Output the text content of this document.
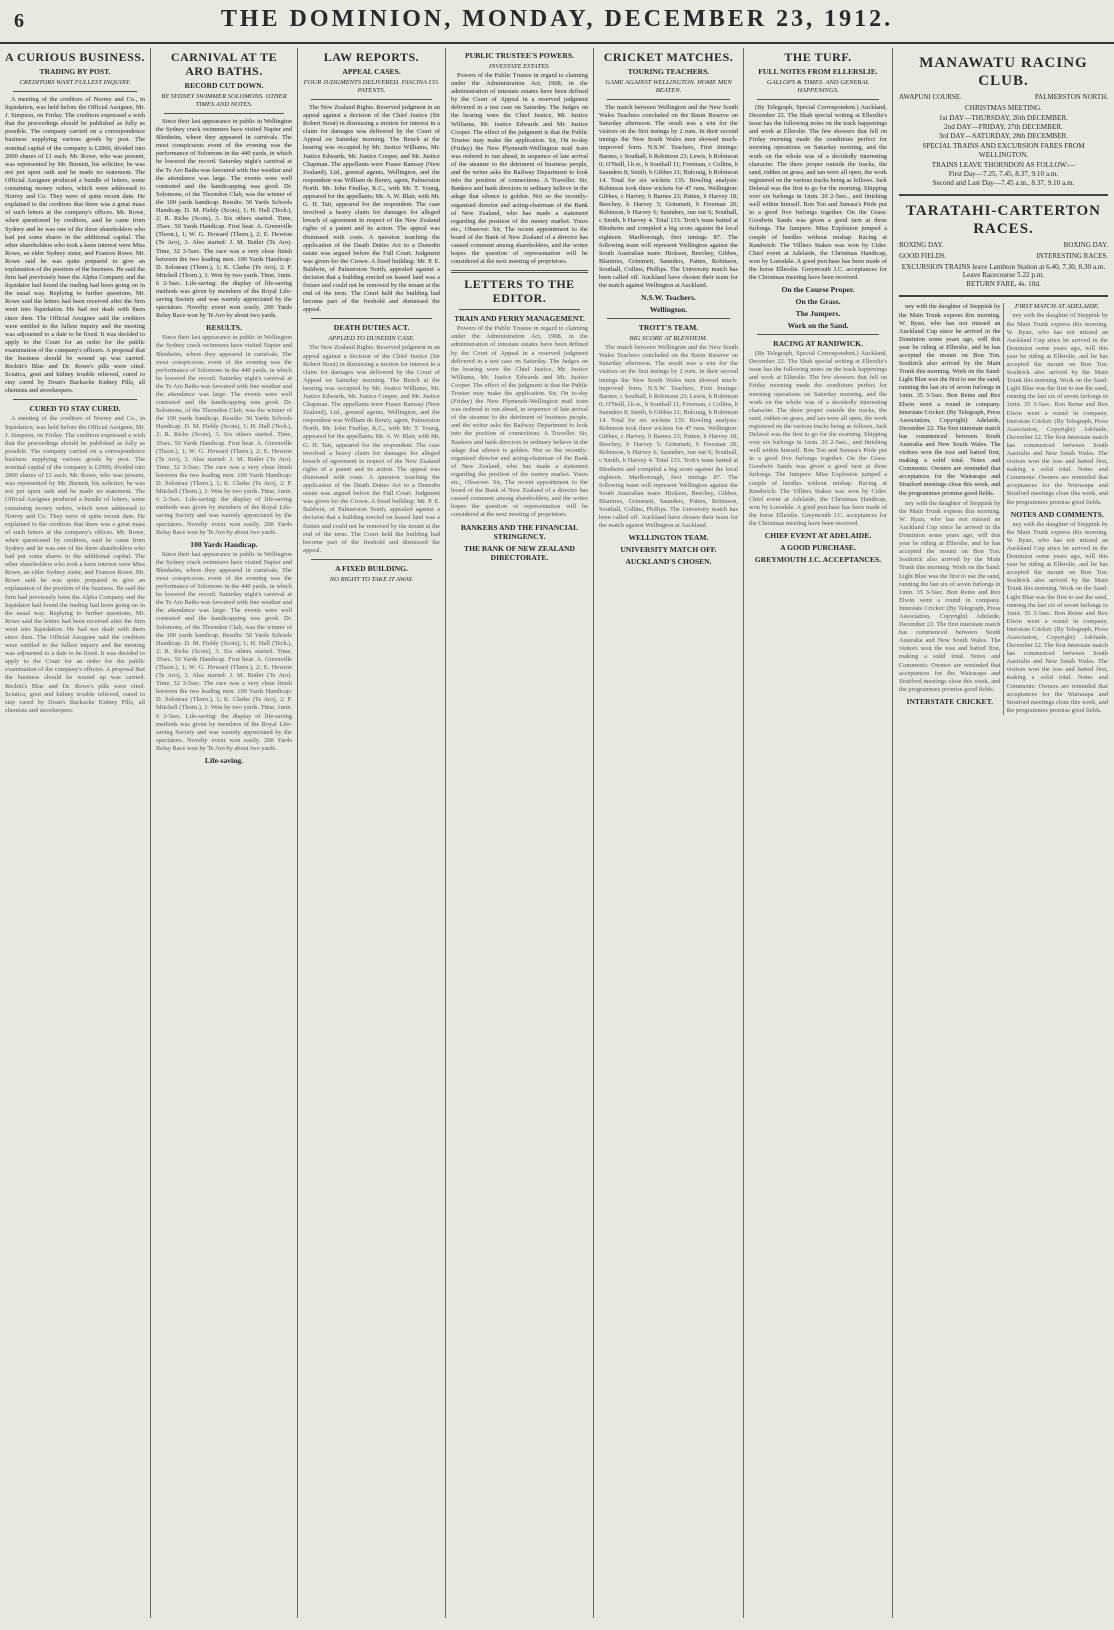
6	THE DOMINION, MONDAY, DECEMBER 23, 1912.
A CURIOUS BUSINESS.
TRADING BY POST.
CREDITORS WANT FULLEST INQUIRY.

A meeting of the creditors of Norrey and Co., in liquidation, was held before the Official Assignee, Mr. J. Simpson, on Friday. The creditors expressed a wish that the proceedings should be published as fully as possible. The company carried on a correspondence business supplying various goods by post. The nominal capital of the company is £2000, divided into 2000 shares of £1 each. Mr. Rowe, who was present, was represented by Mr. Burnett, his solicitor; he was not put upon oath and he made no statement. The Official Assignee produced a bundle of letters, some containing money orders, which were addressed to Norrey and Co. They were of quite recent date. He explained to the creditors that there was a great mass of such letters at the company's offices. Mr. Rowe, when questioned by creditors, said he came from Sydney and he was one of the three shareholders who had put some shares in the additional capital. The other shareholders who took a keen interest were Miss Rowe, an elder Sydney sister, and Frances Rowe. Mr. Rowe said he was quite prepared to give an explanation of the position of the business. He said the firm had previously been the Alpha Company and the liquidator had found the trading had been going on in the usual way. Replying to further questions, Mr. Rowe said the letters had been received after the firm went into liquidation. He had not dealt with them since then. The Official Assignee said the creditors were entitled to the fullest inquiry and the meeting was adjourned to a date to be fixed. It was decided to apply to the Court for an order for the public examination of the company's officers. A proposal that the business should be wound up was carried. Reckitt's Blue and Dr. Rowe's pills were cited. Sciatica, gout and kidney trouble relieved, cured to stay cured by Doan's Backache Kidney Pills, all chemists and storekeepers.

CURED TO STAY CURED.

A meeting of the creditors of Norrey and Co., in liquidation, was held before the Official Assignee, Mr. J. Simpson, on Friday. The creditors expressed a wish that the proceedings should be published as fully as possible. The company carried on a correspondence business supplying various goods by post. The nominal capital of the company is £2000, divided into 2000 shares of £1 each. Mr. Rowe, who was present, was represented by Mr. Burnett, his solicitor; he was not put upon oath and he made no statement. The Official Assignee produced a bundle of letters, some containing money orders, which were addressed to Norrey and Co. They were of quite recent date. He explained to the creditors that there was a great mass of such letters at the company's offices. Mr. Rowe, when questioned by creditors, said he came from Sydney and he was one of the three shareholders who had put some shares in the additional capital. The other shareholders who took a keen interest were Miss Rowe, an elder Sydney sister, and Frances Rowe. Mr. Rowe said he was quite prepared to give an explanation of the position of the business. He said the firm had previously been the Alpha Company and the liquidator had found the trading had been going on in the usual way. Replying to further questions, Mr. Rowe said the letters had been received after the firm went into liquidation. He had not dealt with them since then. The Official Assignee said the creditors were entitled to the fullest inquiry and the meeting was adjourned to a date to be fixed. It was decided to apply to the Court for an order for the public examination of the company's officers. A proposal that the business should be wound up was carried. Reckitt's Blue and Dr. Rowe's pills were cited. Sciatica, gout and kidney trouble relieved, cured to stay cured by Doan's Backache Kidney Pills, all chemists and storekeepers.

CARNIVAL AT TE ARO BATHS.
RECORD CUT DOWN.
BY SYDNEY SWIMMER SOLOMONS. OTHER TIMES AND NOTES.

Since their last appearance in public in Wellington the Sydney crack swimmers have visited Napier and Blenheim, where they appeared in carnivals. The most conspicuous event of the evening was the performance of Solomons in the 440 yards, in which he lowered the record. Saturday night's carnival at the Te Aro Baths was favoured with fine weather and the attendance was large. The events were well contested and the handicapping was good. Dr. Solomons, of the Thorndon Club, was the winner of the 100 yards handicap. Results: 50 Yards Schools Handicap. D. M. Fieldy (Scots), 1; H. Hall (Tech.), 2; R. Ricks (Scots), 3. Six others started. Time, 35sec. 50 Yards Handicap. First heat: A. Greenville (Thorn.), 1; W. G. Howard (Thorn.), 2; E. Hewton (Te Aro), 3. Also started: J. M. Butler (Te Aro). Time, 32 3-5sec. The race was a very close finish between the two leading men. 100 Yards Handicap: D. Soloman (Thorn.), 1; K. Clarke (Te Aro), 2; P. Mitchell (Thorn.), 3. Won by two yards. Time, 1min. 6 2-5sec. Life-saving: the display of life-saving methods was given by members of the Royal Life-saving Society and was warmly appreciated by the spectators. Novelty event won easily. 200 Yards Relay Race won by Te Aro by about two yards.

RESULTS.

Since their last appearance in public in Wellington the Sydney crack swimmers have visited Napier and Blenheim, where they appeared in carnivals. The most conspicuous event of the evening was the performance of Solomons in the 440 yards, in which he lowered the record. Saturday night's carnival at the Te Aro Baths was favoured with fine weather and the attendance was large. The events were well contested and the handicapping was good. Dr. Solomons, of the Thorndon Club, was the winner of the 100 yards handicap. Results: 50 Yards Schools Handicap. D. M. Fieldy (Scots), 1; H. Hall (Tech.), 2; R. Ricks (Scots), 3. Six others started. Time, 35sec. 50 Yards Handicap. First heat: A. Greenville (Thorn.), 1; W. G. Howard (Thorn.), 2; E. Hewton (Te Aro), 3. Also started: J. M. Butler (Te Aro). Time, 32 3-5sec. The race was a very close finish between the two leading men. 100 Yards Handicap: D. Soloman (Thorn.), 1; K. Clarke (Te Aro), 2; P. Mitchell (Thorn.), 3. Won by two yards. Time, 1min. 6 2-5sec. Life-saving: the display of life-saving methods was given by members of the Royal Life-saving Society and was warmly appreciated by the spectators. Novelty event won easily. 200 Yards Relay Race won by Te Aro by about two yards.

100 Yards Handicap.

Since their last appearance in public in Wellington the Sydney crack swimmers have visited Napier and Blenheim, where they appeared in carnivals. The most conspicuous event of the evening was the performance of Solomons in the 440 yards, in which he lowered the record. Saturday night's carnival at the Te Aro Baths was favoured with fine weather and the attendance was large. The events were well contested and the handicapping was good. Dr. Solomons, of the Thorndon Club, was the winner of the 100 yards handicap. Results: 50 Yards Schools Handicap. D. M. Fieldy (Scots), 1; H. Hall (Tech.), 2; R. Ricks (Scots), 3. Six others started. Time, 35sec. 50 Yards Handicap. First heat: A. Greenville (Thorn.), 1; W. G. Howard (Thorn.), 2; E. Hewton (Te Aro), 3. Also started: J. M. Butler (Te Aro). Time, 32 3-5sec. The race was a very close finish between the two leading men. 100 Yards Handicap: D. Soloman (Thorn.), 1; K. Clarke (Te Aro), 2; P. Mitchell (Thorn.), 3. Won by two yards. Time, 1min. 6 2-5sec. Life-saving: the display of life-saving methods was given by members of the Royal Life-saving Society and was warmly appreciated by the spectators. Novelty event won easily. 200 Yards Relay Race won by Te Aro by about two yards.

Life-saving.
LAW REPORTS.
APPEAL CASES.
FOUR JUDGMENTS DELIVERED. FASCINA CO. PATENTS.

The New Zealand Rights. Reserved judgment in an appeal against a decision of the Chief Justice (Sir Robert Stout) in dismissing a motion for interest in a claim for damages was delivered by the Court of Appeal on Saturday morning. The Bench at the hearing was occupied by Mr. Justice Williams, Mr. Justice Edwards, Mr. Justice Cooper, and Mr. Justice Chapman. The appellants were Fraser Ramsay (New Zealand), Ltd., general agents, Wellington, and the respondent was William de Renzy, agent, Palmerston North. Mr. John Findlay, K.C., with Mr. T. Young, appeared for the appellants; Mr. A. W. Blair, with Mr. G. H. Tait, appeared for the respondent. The case involved a heavy claim for damages for alleged breach of agreement in respect of the New Zealand rights of a patent and its action. The appeal was dismissed with costs. A question touching the application of the Death Duties Act to a Dunedin estate was argued before the Full Court. Judgment was given for the Crown. A fixed building: Mr. P. E. Baldwin, of Palmerston North, appealed against a decision that a building erected on leased land was a fixture and could not be removed by the tenant at the end of the term. The Court held the building had become part of the freehold and dismissed the appeal.

DEATH DUTIES ACT.
APPLIED TO DUNEDIN CASE.

The New Zealand Rights. Reserved judgment in an appeal against a decision of the Chief Justice (Sir Robert Stout) in dismissing a motion for interest in a claim for damages was delivered by the Court of Appeal on Saturday morning. The Bench at the hearing was occupied by Mr. Justice Williams, Mr. Justice Edwards, Mr. Justice Cooper, and Mr. Justice Chapman. The appellants were Fraser Ramsay (New Zealand), Ltd., general agents, Wellington, and the respondent was William de Renzy, agent, Palmerston North. Mr. John Findlay, K.C., with Mr. T. Young, appeared for the appellants; Mr. A. W. Blair, with Mr. G. H. Tait, appeared for the respondent. The case involved a heavy claim for damages for alleged breach of agreement in respect of the New Zealand rights of a patent and its action. The appeal was dismissed with costs. A question touching the application of the Death Duties Act to a Dunedin estate was argued before the Full Court. Judgment was given for the Crown. A fixed building: Mr. P. E. Baldwin, of Palmerston North, appealed against a decision that a building erected on leased land was a fixture and could not be removed by the tenant at the end of the term. The Court held the building had become part of the freehold and dismissed the appeal.

A FIXED BUILDING.
NO RIGHT TO TAKE IT AWAY.
PUBLIC TRUSTEE'S POWERS.
INVESTATE ESTATES.

Powers of the Public Trustee in regard to claiming under the Administration Act, 1908, in the administration of intestate estates have been defined by the Court of Appeal in a reserved judgment delivered in a test case on Saturday. The Judges on the hearing were the Chief Justice, Mr. Justice Williams, Mr. Justice Edwards and Mr. Justice Cooper. The effect of the judgment is that the Public Trustee may make the application. Sir, On to-day (Friday) the New Plymouth-Wellington mail train was ordered to run ahead, in sequence of late arrival of the steamer to the detriment of business people, and the writer asks the Railway Department to look into the position of connections. A Traveller. Sir, Bankers and bank directors in ordinary believe in the adage that silence is golden. Not so the recently-organised director and acting-chairman of the Bank of New Zealand, who has made a statement regarding the position of the money market. Yours etc., Observer. Sir, The recent appointment to the board of the Bank of New Zealand of a director has caused comment among shareholders, and the writer hopes the question of representation will be considered at the next meeting of proprietors.

LETTERS TO THE EDITOR.
TRAIN AND FERRY MANAGEMENT.

Powers of the Public Trustee in regard to claiming under the Administration Act, 1908, in the administration of intestate estates have been defined by the Court of Appeal in a reserved judgment delivered in a test case on Saturday. The Judges on the hearing were the Chief Justice, Mr. Justice Williams, Mr. Justice Edwards and Mr. Justice Cooper. The effect of the judgment is that the Public Trustee may make the application. Sir, On to-day (Friday) the New Plymouth-Wellington mail train was ordered to run ahead, in sequence of late arrival of the steamer to the detriment of business people, and the writer asks the Railway Department to look into the position of connections. A Traveller. Sir, Bankers and bank directors in ordinary believe in the adage that silence is golden. Not so the recently-organised director and acting-chairman of the Bank of New Zealand, who has made a statement regarding the position of the money market. Yours etc., Observer. Sir, The recent appointment to the board of the Bank of New Zealand of a director has caused comment among shareholders, and the writer hopes the question of representation will be considered at the next meeting of proprietors.

BANKERS AND THE FINANCIAL STRINGENCY.
THE BANK OF NEW ZEALAND DIRECTORATE.
CRICKET MATCHES.
TOURING TEACHERS.
GAME AGAINST WELLINGTON. HOME MEN BEATEN.

The match between Wellington and the New South Wales Teachers concluded on the Basin Reserve on Saturday afternoon. The result was a win for the visitors on the first innings by 2 runs. In their second innings the New South Wales men showed much-improved form. N.S.W. Teachers, First Innings: Barnes, c Southall, b Robinson 23; Lewis, b Robinson 0; O'Neill, l.b.w., b Southall 11; Freeman, c Collins, b Saunders 8; Smith, b Gibbes 21; Bulcraig, b Robinson 14. Total for six wickets 135. Bowling analysis: Robinson took three wickets for 47 runs. Wellington: Gibbes, c Harvey, b Barnes 23; Patten, b Harvey 18; Beechey, b Harvey 5; Grimmett, b Freeman 20; Robinson, b Harvey 6; Saunders, run out 6; Southall, c Smith, b Harvey 4. Total 133. Trott's team batted at Blenheim and compiled a big score against the local eighteen. Marlborough, first innings 87. The following team will represent Wellington against the South Australian team: Hickson, Beechey, Gibbes, Blamires, Grimmett, Saunders, Patten, Robinson, Southall, Collins, Phillips. The University match has been called off. Auckland have chosen their team for the match against Wellington at Auckland.

N.S.W. Teachers.
Wellington.
TROTT'S TEAM.
BIG SCORE AT BLENHEIM.

The match between Wellington and the New South Wales Teachers concluded on the Basin Reserve on Saturday afternoon. The result was a win for the visitors on the first innings by 2 runs. In their second innings the New South Wales men showed much-improved form. N.S.W. Teachers, First Innings: Barnes, c Southall, b Robinson 23; Lewis, b Robinson 0; O'Neill, l.b.w., b Southall 11; Freeman, c Collins, b Saunders 8; Smith, b Gibbes 21; Bulcraig, b Robinson 14. Total for six wickets 135. Bowling analysis: Robinson took three wickets for 47 runs. Wellington: Gibbes, c Harvey, b Barnes 23; Patten, b Harvey 18; Beechey, b Harvey 5; Grimmett, b Freeman 20; Robinson, b Harvey 6; Saunders, run out 6; Southall, c Smith, b Harvey 4. Total 133. Trott's team batted at Blenheim and compiled a big score against the local eighteen. Marlborough, first innings 87. The following team will represent Wellington against the South Australian team: Hickson, Beechey, Gibbes, Blamires, Grimmett, Saunders, Patten, Robinson, Southall, Collins, Phillips. The University match has been called off. Auckland have chosen their team for the match against Wellington at Auckland.

WELLINGTON TEAM.
UNIVERSITY MATCH OFF.
AUCKLAND'S CHOSEN.
THE TURF.
FULL NOTES FROM ELLERSLIE.
GALLOPS & TIMES. AND GENERAL HAPPENINGS.

(By Telegraph, Special Correspondent.) Auckland, December 22. The Shah special writing at Ellerslie's issue has the following notes on the track happenings and work at Ellerslie. The few showers that fell on Friday morning made the conditions perfect for morning operations on Saturday morning, and the work on the whole was of a decidedly interesting character. The three proper outside the tracks, the sand, ridden on grass, and tan were all open, the work registered on the various tracks being as follows. Jack Delaval was the first to go for the morning. Shipping over six furlongs in 1min. 20 2-5sec., and finishing well within himself. Bon Ton and Sunsea's Pride put in a good five furlongs together. On the Grass: Goodwin Sands was given a good turn at three furlongs. The Jumpers: Miss Explosion jumped a couple of hurdles without mishap. Racing at Randwick: The Villiers Stakes was won by Cider. Chief event at Adelaide, the Christmas Handicap, won by Lonsdale. A good purchase has been made of the horse Ellerslie. Greymouth J.C. acceptances for the Christmas meeting have been received.

On the Course Proper.
On the Grass.
The Jumpers.
Work on the Sand.
RACING AT RANDWICK.

(By Telegraph, Special Correspondent.) Auckland, December 22. The Shah special writing at Ellerslie's issue has the following notes on the track happenings and work at Ellerslie. The few showers that fell on Friday morning made the conditions perfect for morning operations on Saturday morning, and the work on the whole was of a decidedly interesting character. The three proper outside the tracks, the sand, ridden on grass, and tan were all open, the work registered on the various tracks being as follows. Jack Delaval was the first to go for the morning. Shipping over six furlongs in 1min. 20 2-5sec., and finishing well within himself. Bon Ton and Sunsea's Pride put in a good five furlongs together. On the Grass: Goodwin Sands was given a good turn at three furlongs. The Jumpers: Miss Explosion jumped a couple of hurdles without mishap. Racing at Randwick: The Villiers Stakes was won by Cider. Chief event at Adelaide, the Christmas Handicap, won by Lonsdale. A good purchase has been made of the horse Ellerslie. Greymouth J.C. acceptances for the Christmas meeting have been received.

CHIEF EVENT AT ADELAIDE.
A GOOD PURCHASE.
GREYMOUTH J.C. ACCEPTANCES.
MANAWATU RACING CLUB.
AWAPUNI COURSE.	PALMERSTON NORTH.
CHRISTMAS MEETING.
1st DAY—THURSDAY, 26th DECEMBER.
2nd DAY—FRIDAY, 27th DECEMBER.
3rd DAY—SATURDAY, 28th DECEMBER.
SPECIAL TRAINS AND EXCURSION FARES FROM WELLINGTON.
TRAINS LEAVE THORNDON AS FOLLOW:—
First Day—7.25, 7.45, 8.37, 9.10 a.m.
Second and Last Day—7.45 a.m., 8.37, 9.10 a.m.
TARATAHI-CARTERTON RACES.
BOXING DAY.	BOXING DAY.
GOOD FIELDS.	INTERESTING RACES.
EXCURSION TRAINS leave Lambton Station at 6.40, 7.30, 8.30 a.m. Leave Racecourse 5.22 p.m.
RETURN FARE, 4s. 10d.

ney with the daughter of Steppink by the Main Trunk express this morning. W. Ryan, who has not missed an Auckland Cup since he arrived in the Dominion some years ago, will this year be riding at Ellerslie, and he has accepted the mount on Bon Ton. Soultrick also arrived by the Main Trunk this morning. Work on the Sand: Light Blue was the first to use the sand, running the last six of seven furlongs in 1min. 35 3-5sec. Bon Reine and Rex Elwin went a round in company. Interstate Cricket: (By Telegraph, Press Association, Copyright) Adelaide, December 22. The first interstate match has commenced between South Australia and New South Wales. The visitors won the toss and batted first, making a solid total. Notes and Comments: Owners are reminded that acceptances for the Wairarapa and Stratford meetings close this week, and the programmes promise good fields.

ney with the daughter of Steppink by the Main Trunk express this morning. W. Ryan, who has not missed an Auckland Cup since he arrived in the Dominion some years ago, will this year be riding at Ellerslie, and he has accepted the mount on Bon Ton. Soultrick also arrived by the Main Trunk this morning. Work on the Sand: Light Blue was the first to use the sand, running the last six of seven furlongs in 1min. 35 3-5sec. Bon Reine and Rex Elwin went a round in company. Interstate Cricket: (By Telegraph, Press Association, Copyright) Adelaide, December 22. The first interstate match has commenced between South Australia and New South Wales. The visitors won the toss and batted first, making a solid total. Notes and Comments: Owners are reminded that acceptances for the Wairarapa and Stratford meetings close this week, and the programmes promise good fields.

INTERSTATE CRICKET.
FIRST MATCH AT ADELAIDE.

ney with the daughter of Steppink by the Main Trunk express this morning. W. Ryan, who has not missed an Auckland Cup since he arrived in the Dominion some years ago, will this year be riding at Ellerslie, and he has accepted the mount on Bon Ton. Soultrick also arrived by the Main Trunk this morning. Work on the Sand: Light Blue was the first to use the sand, running the last six of seven furlongs in 1min. 35 3-5sec. Bon Reine and Rex Elwin went a round in company. Interstate Cricket: (By Telegraph, Press Association, Copyright) Adelaide, December 22. The first interstate match has commenced between South Australia and New South Wales. The visitors won the toss and batted first, making a solid total. Notes and Comments: Owners are reminded that acceptances for the Wairarapa and Stratford meetings close this week, and the programmes promise good fields.

NOTES AND COMMENTS.

ney with the daughter of Steppink by the Main Trunk express this morning. W. Ryan, who has not missed an Auckland Cup since he arrived in the Dominion some years ago, will this year be riding at Ellerslie, and he has accepted the mount on Bon Ton. Soultrick also arrived by the Main Trunk this morning. Work on the Sand: Light Blue was the first to use the sand, running the last six of seven furlongs in 1min. 35 3-5sec. Bon Reine and Rex Elwin went a round in company. Interstate Cricket: (By Telegraph, Press Association, Copyright) Adelaide, December 22. The first interstate match has commenced between South Australia and New South Wales. The visitors won the toss and batted first, making a solid total. Notes and Comments: Owners are reminded that acceptances for the Wairarapa and Stratford meetings close this week, and the programmes promise good fields.
